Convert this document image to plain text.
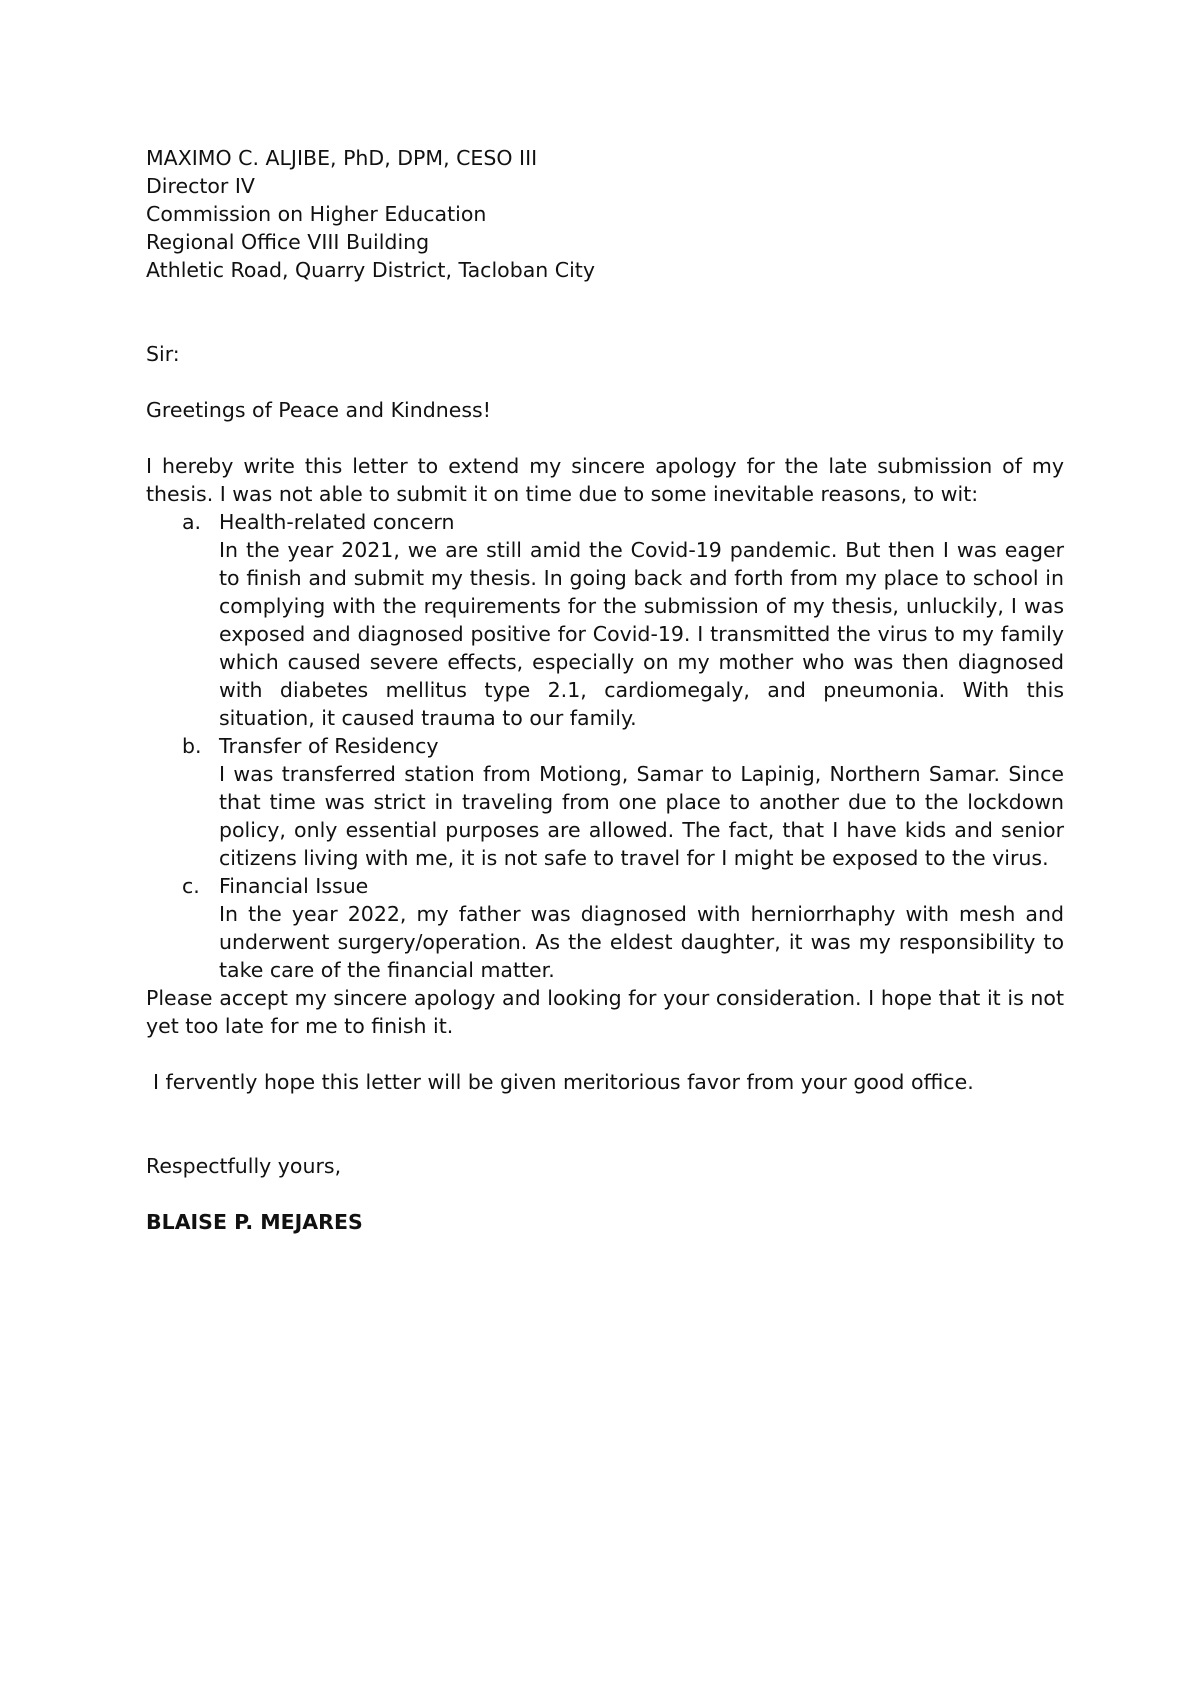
MAXIMO C. ALJIBE, PhD, DPM, CESO III
Director IV
Commission on Higher Education
Regional Office VIII Building
Athletic Road, Quarry District, Tacloban City
Sir:
Greetings of Peace and Kindness!
I hereby write this letter to extend my sincere apology for the late submission of my thesis. I was not able to submit it on time due to some inevitable reasons, to wit:
a. Health-related concern
In the year 2021, we are still amid the Covid-19 pandemic. But then I was eager to finish and submit my thesis. In going back and forth from my place to school in complying with the requirements for the submission of my thesis, unluckily, I was exposed and diagnosed positive for Covid-19. I transmitted the virus to my family which caused severe effects, especially on my mother who was then diagnosed with diabetes mellitus type 2.1, cardiomegaly, and pneumonia. With this situation, it caused trauma to our family.
b. Transfer of Residency
I was transferred station from Motiong, Samar to Lapinig, Northern Samar. Since that time was strict in traveling from one place to another due to the lockdown policy, only essential purposes are allowed. The fact, that I have kids and senior citizens living with me, it is not safe to travel for I might be exposed to the virus.
c. Financial Issue
In the year 2022, my father was diagnosed with herniorrhaphy with mesh and underwent surgery/operation. As the eldest daughter, it was my responsibility to take care of the financial matter.
Please accept my sincere apology and looking for your consideration. I hope that it is not yet too late for me to finish it.
I fervently hope this letter will be given meritorious favor from your good office.
Respectfully yours,
BLAISE P. MEJARES
